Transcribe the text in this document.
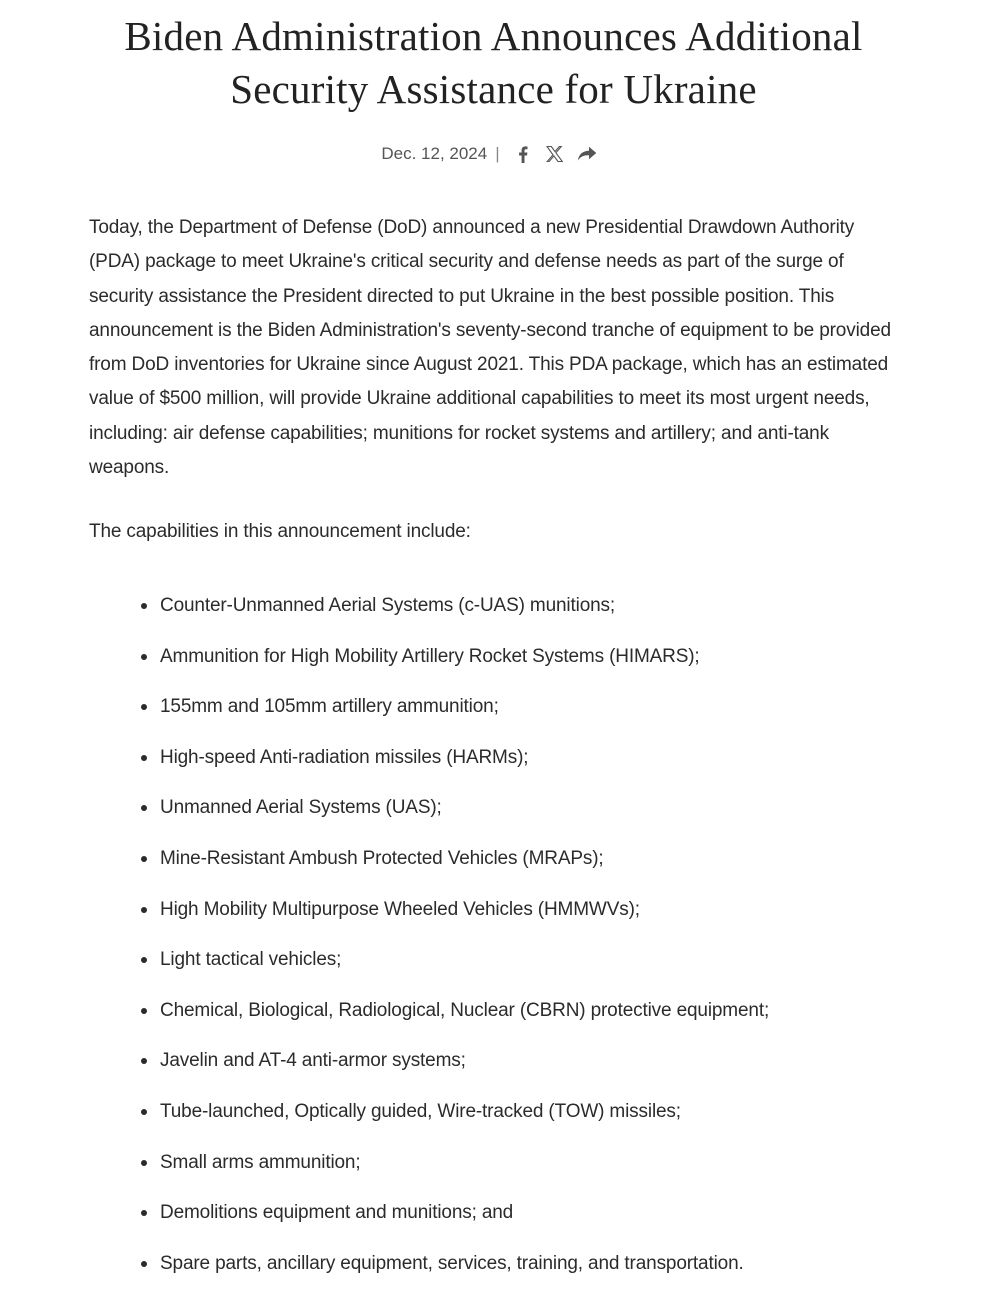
Biden Administration Announces Additional Security Assistance for Ukraine
Dec. 12, 2024 |

Today, the Department of Defense (DoD) announced a new Presidential Drawdown Authority (PDA) package to meet Ukraine's critical security and defense needs as part of the surge of security assistance the President directed to put Ukraine in the best possible position. This announcement is the Biden Administration's seventy-second tranche of equipment to be provided from DoD inventories for Ukraine since August 2021. This PDA package, which has an estimated value of $500 million, will provide Ukraine additional capabilities to meet its most urgent needs, including: air defense capabilities; munitions for rocket systems and artillery; and anti-tank weapons.

The capabilities in this announcement include:

Counter-Unmanned Aerial Systems (c-UAS) munitions;
Ammunition for High Mobility Artillery Rocket Systems (HIMARS);
155mm and 105mm artillery ammunition;
High-speed Anti-radiation missiles (HARMs);
Unmanned Aerial Systems (UAS);
Mine-Resistant Ambush Protected Vehicles (MRAPs);
High Mobility Multipurpose Wheeled Vehicles (HMMWVs);
Light tactical vehicles;
Chemical, Biological, Radiological, Nuclear (CBRN) protective equipment;
Javelin and AT-4 anti-armor systems;
Tube-launched, Optically guided, Wire-tracked (TOW) missiles;
Small arms ammunition;
Demolitions equipment and munitions; and
Spare parts, ancillary equipment, services, training, and transportation.
